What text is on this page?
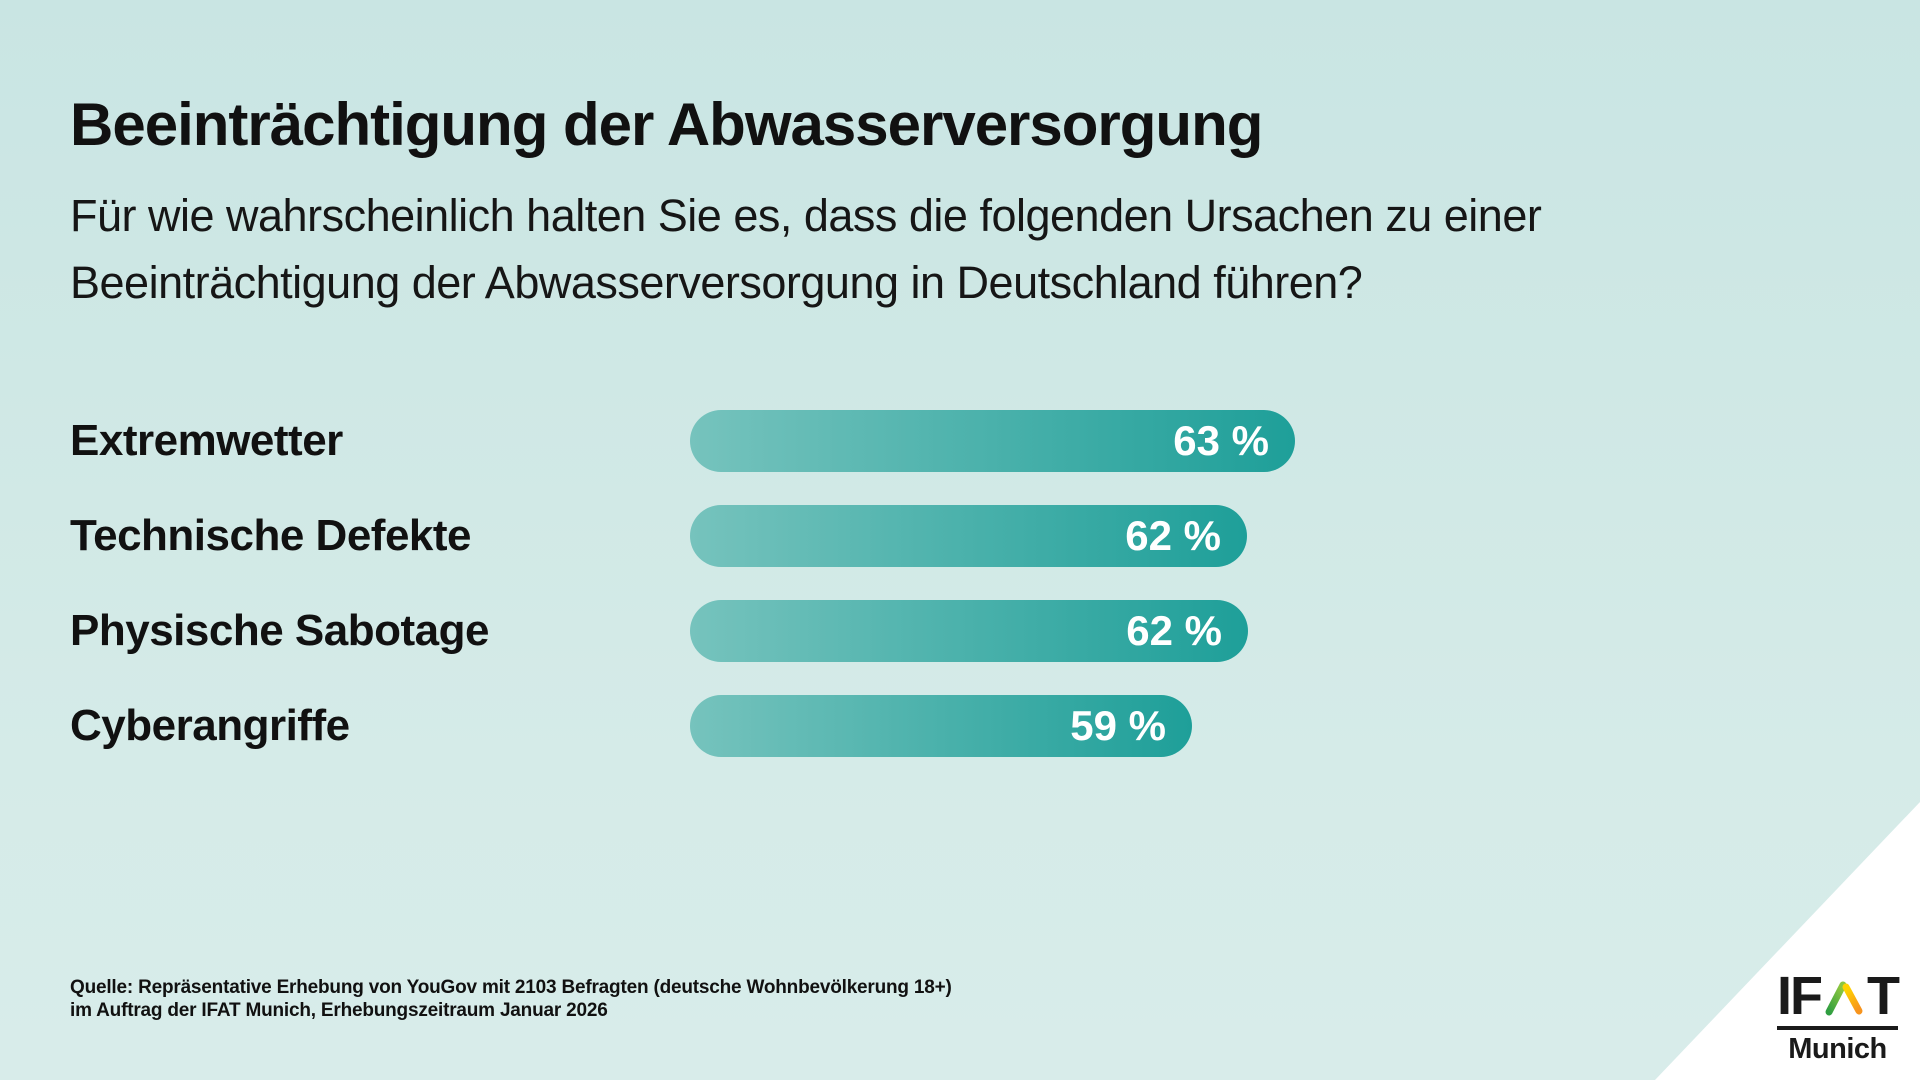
Beeinträchtigung der Abwasserversorgung
Für wie wahrscheinlich halten Sie es, dass die folgenden Ursachen zu einer
Beeinträchtigung der Abwasserversorgung in Deutschland führen?
Extremwetter	63 %
Technische Defekte	62 %
Physische Sabotage	62 %
Cyberangriffe	59 %
Quelle: Repräsentative Erhebung von YouGov mit 2103 Befragten (deutsche Wohnbevölkerung 18+)
im Auftrag der IFAT Munich, Erhebungszeitraum Januar 2026	IF T
Munich
